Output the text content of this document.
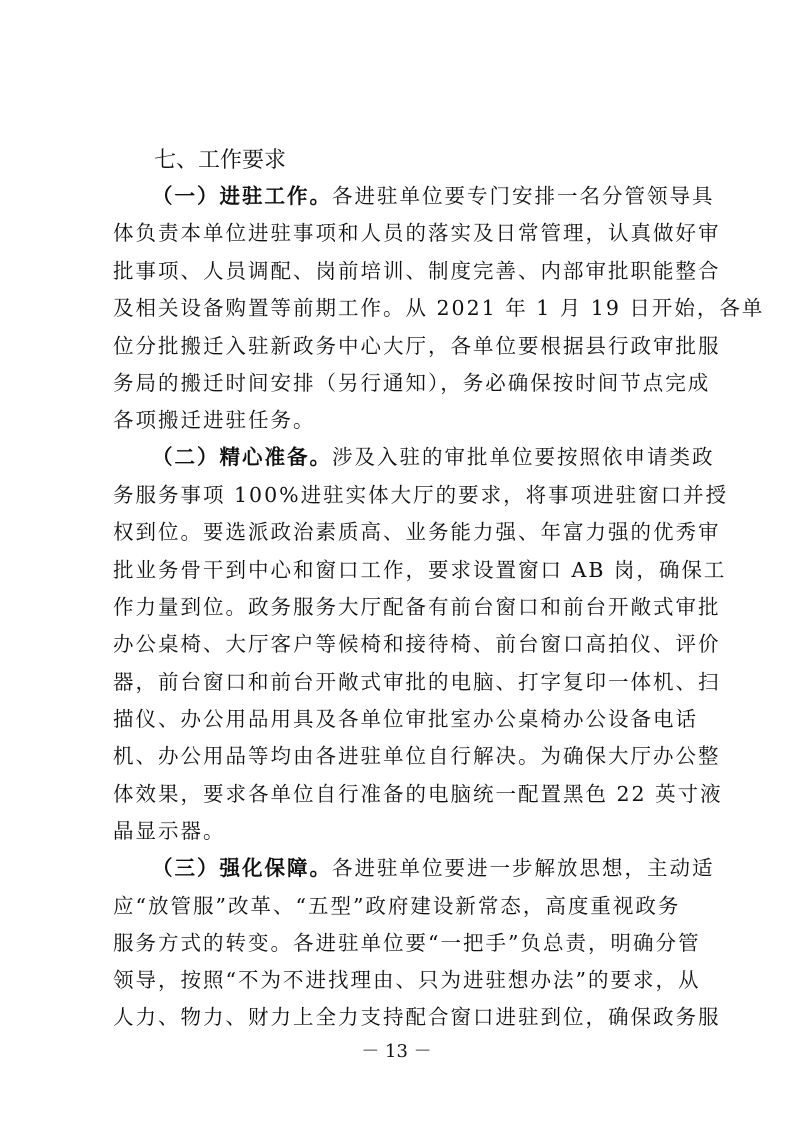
七、工作要求
（一）进驻工作。各进驻单位要专门安排一名分管领导具
体负责本单位进驻事项和人员的落实及日常管理，认真做好审
批事项、人员调配、岗前培训、制度完善、内部审批职能整合
及相关设备购置等前期工作。从 2021 年 1 月 19 日开始，各单
位分批搬迁入驻新政务中心大厅，各单位要根据县行政审批服
务局的搬迁时间安排（另行通知），务必确保按时间节点完成
各项搬迁进驻任务。
（二）精心准备。涉及入驻的审批单位要按照依申请类政
务服务事项 100%进驻实体大厅的要求，将事项进驻窗口并授
权到位。要选派政治素质高、业务能力强、年富力强的优秀审
批业务骨干到中心和窗口工作，要求设置窗口 AB 岗，确保工
作力量到位。政务服务大厅配备有前台窗口和前台开敞式审批
办公桌椅、大厅客户等候椅和接待椅、前台窗口高拍仪、评价
器，前台窗口和前台开敞式审批的电脑、打字复印一体机、扫
描仪、办公用品用具及各单位审批室办公桌椅办公设备电话
机、办公用品等均由各进驻单位自行解决。为确保大厅办公整
体效果，要求各单位自行准备的电脑统一配置黑色 22 英寸液
晶显示器。
（三）强化保障。各进驻单位要进一步解放思想，主动适
应“放管服”改革、“五型”政府建设新常态，高度重视政务
服务方式的转变。各进驻单位要“一把手”负总责，明确分管
领导，按照“不为不进找理由、只为进驻想办法”的要求，从
人力、物力、财力上全力支持配合窗口进驻到位，确保政务服
－ 13 －
